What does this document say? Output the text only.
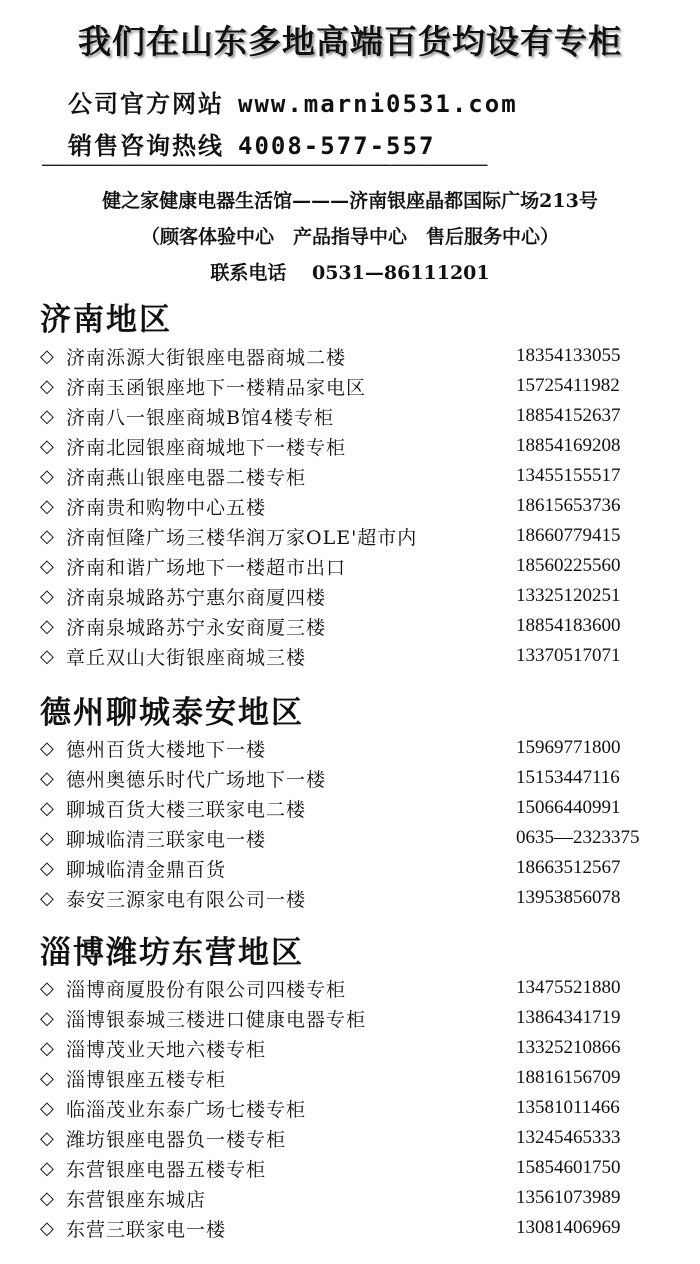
我们在山东多地高端百货均设有专柜
公司官方网站 www.marni0531.com
销售咨询热线 4008-577-557
—————————————————————————————————————
健之家健康电器生活馆———济南银座晶都国际广场213号
（顾客体验中心　产品指导中心　售后服务中心）
联系电话　 0531—86111201
济南地区
◇ 济南泺源大街银座电器商城二楼	18354133055
◇ 济南玉函银座地下一楼精品家电区	15725411982
◇ 济南八一银座商城B馆4楼专柜	18854152637
◇ 济南北园银座商城地下一楼专柜	18854169208
◇ 济南燕山银座电器二楼专柜	13455155517
◇ 济南贵和购物中心五楼	18615653736
◇ 济南恒隆广场三楼华润万家OLE'超市内	18660779415
◇ 济南和谐广场地下一楼超市出口	18560225560
◇ 济南泉城路苏宁惠尔商厦四楼	13325120251
◇ 济南泉城路苏宁永安商厦三楼	18854183600
◇ 章丘双山大街银座商城三楼	13370517071
德州聊城泰安地区
◇ 德州百货大楼地下一楼	15969771800
◇ 德州奥德乐时代广场地下一楼	15153447116
◇ 聊城百货大楼三联家电二楼	15066440991
◇ 聊城临清三联家电一楼	0635—2323375
◇ 聊城临清金鼎百货	18663512567
◇ 泰安三源家电有限公司一楼	13953856078
淄博潍坊东营地区
◇ 淄博商厦股份有限公司四楼专柜	13475521880
◇ 淄博银泰城三楼进口健康电器专柜	13864341719
◇ 淄博茂业天地六楼专柜	13325210866
◇ 淄博银座五楼专柜	18816156709
◇ 临淄茂业东泰广场七楼专柜	13581011466
◇ 潍坊银座电器负一楼专柜	13245465333
◇ 东营银座电器五楼专柜	15854601750
◇ 东营银座东城店	13561073989
◇ 东营三联家电一楼	13081406969
